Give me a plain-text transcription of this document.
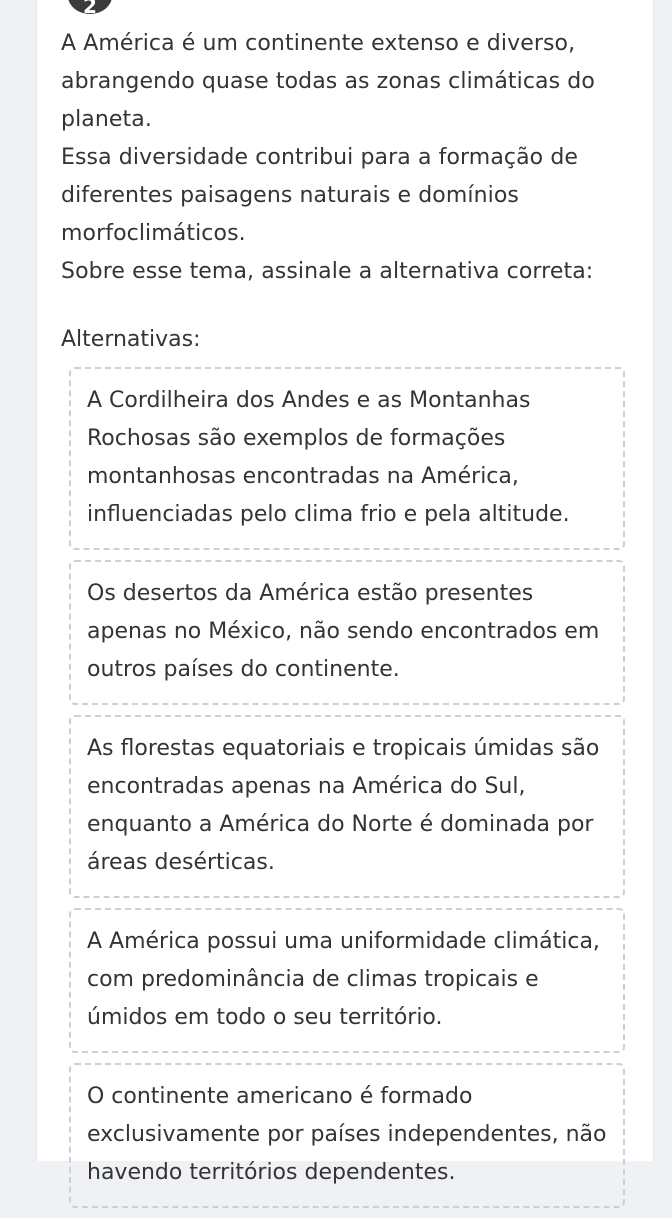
2

A América é um continente extenso e diverso, abrangendo quase todas as zonas climáticas do planeta.

Essa diversidade contribui para a formação de diferentes paisagens naturais e domínios morfoclimáticos.

Sobre esse tema, assinale a alternativa correta:

Alternativas:

A Cordilheira dos Andes e as Montanhas Rochosas são exemplos de formações montanhosas encontradas na América, influenciadas pelo clima frio e pela altitude.
Os desertos da América estão presentes apenas no México, não sendo encontrados em outros países do continente.
As florestas equatoriais e tropicais úmidas são encontradas apenas na América do Sul, enquanto a América do Norte é dominada por áreas desérticas.
A América possui uma uniformidade climática, com predominância de climas tropicais e úmidos em todo o seu território.
O continente americano é formado exclusivamente por países independentes, não havendo territórios dependentes.
